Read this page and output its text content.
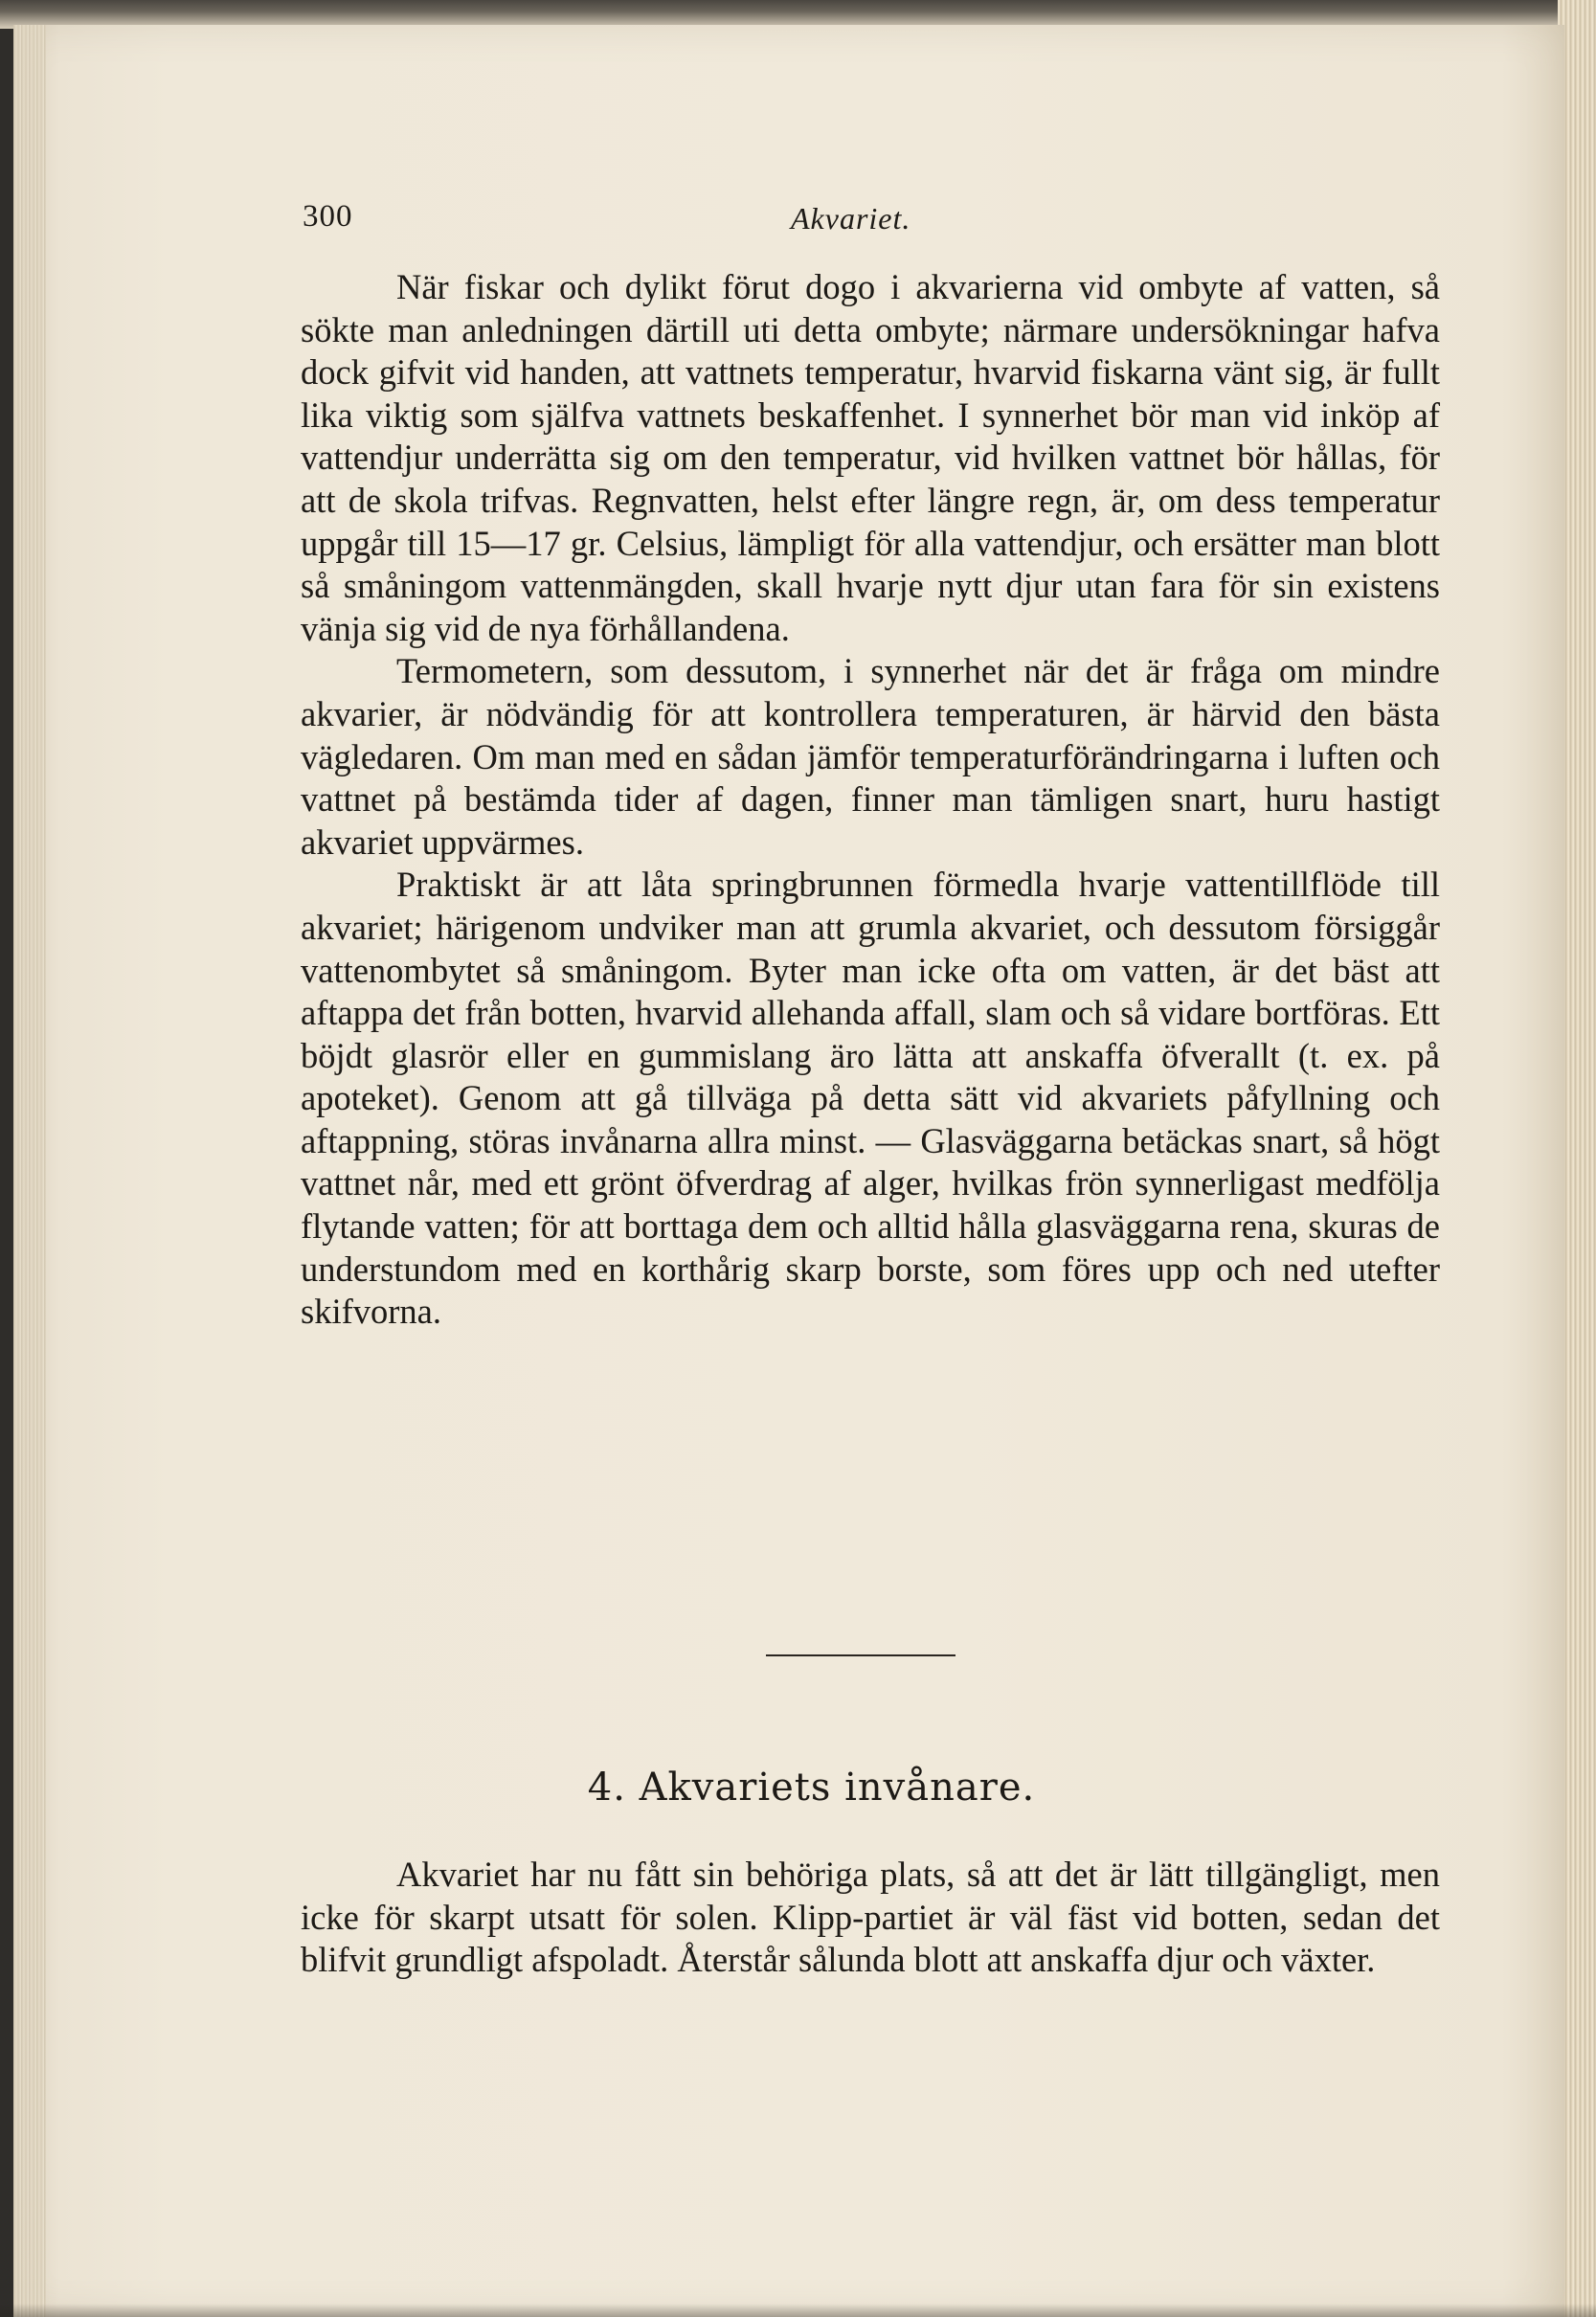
300	Akvariet.

När fiskar och dylikt förut dogo i akvarierna vid ombyte af vatten, så sökte man anledningen därtill uti detta ombyte; närmare undersökningar hafva dock gifvit vid handen, att vattnets temperatur, hvarvid fiskarna vänt sig, är fullt lika viktig som själfva vattnets beskaffenhet. I synnerhet bör man vid inköp af vattendjur underrätta sig om den temperatur, vid hvilken vattnet bör hållas, för att de skola trifvas. Regnvatten, helst efter längre regn, är, om dess temperatur uppgår till 15—17 gr. Celsius, lämpligt för alla vattendjur, och ersätter man blott så småningom vattenmängden, skall hvarje nytt djur utan fara för sin existens vänja sig vid de nya förhållandena.

Termometern, som dessutom, i synnerhet när det är fråga om mindre akvarier, är nödvändig för att kontrollera temperaturen, är härvid den bästa vägledaren. Om man med en sådan jämför temperaturförändringarna i luften och vattnet på bestämda tider af dagen, finner man tämligen snart, huru hastigt akvariet uppvärmes.

Praktiskt är att låta springbrunnen förmedla hvarje vattentillflöde till akvariet; härigenom undviker man att grumla akvariet, och dessutom försiggår vattenombytet så småningom. Byter man icke ofta om vatten, är det bäst att aftappa det från botten, hvarvid allehanda affall, slam och så vidare bortföras. Ett böjdt glasrör eller en gummislang äro lätta att anskaffa öfverallt (t. ex. på apoteket). Genom att gå tillväga på detta sätt vid akvariets påfyllning och aftappning, störas invånarna allra minst. — Glasväggarna betäckas snart, så högt vattnet når, med ett grönt öfverdrag af alger, hvilkas frön synnerligast medfölja flytande vatten; för att borttaga dem och alltid hålla glasväggarna rena, skuras de understundom med en korthårig skarp borste, som föres upp och ned utefter skifvorna.

4. Akvariets invånare.

Akvariet har nu fått sin behöriga plats, så att det är lätt tillgängligt, men icke för skarpt utsatt för solen. Klipp-partiet är väl fäst vid botten, sedan det blifvit grundligt afspoladt. Återstår sålunda blott att anskaffa djur och växter.
